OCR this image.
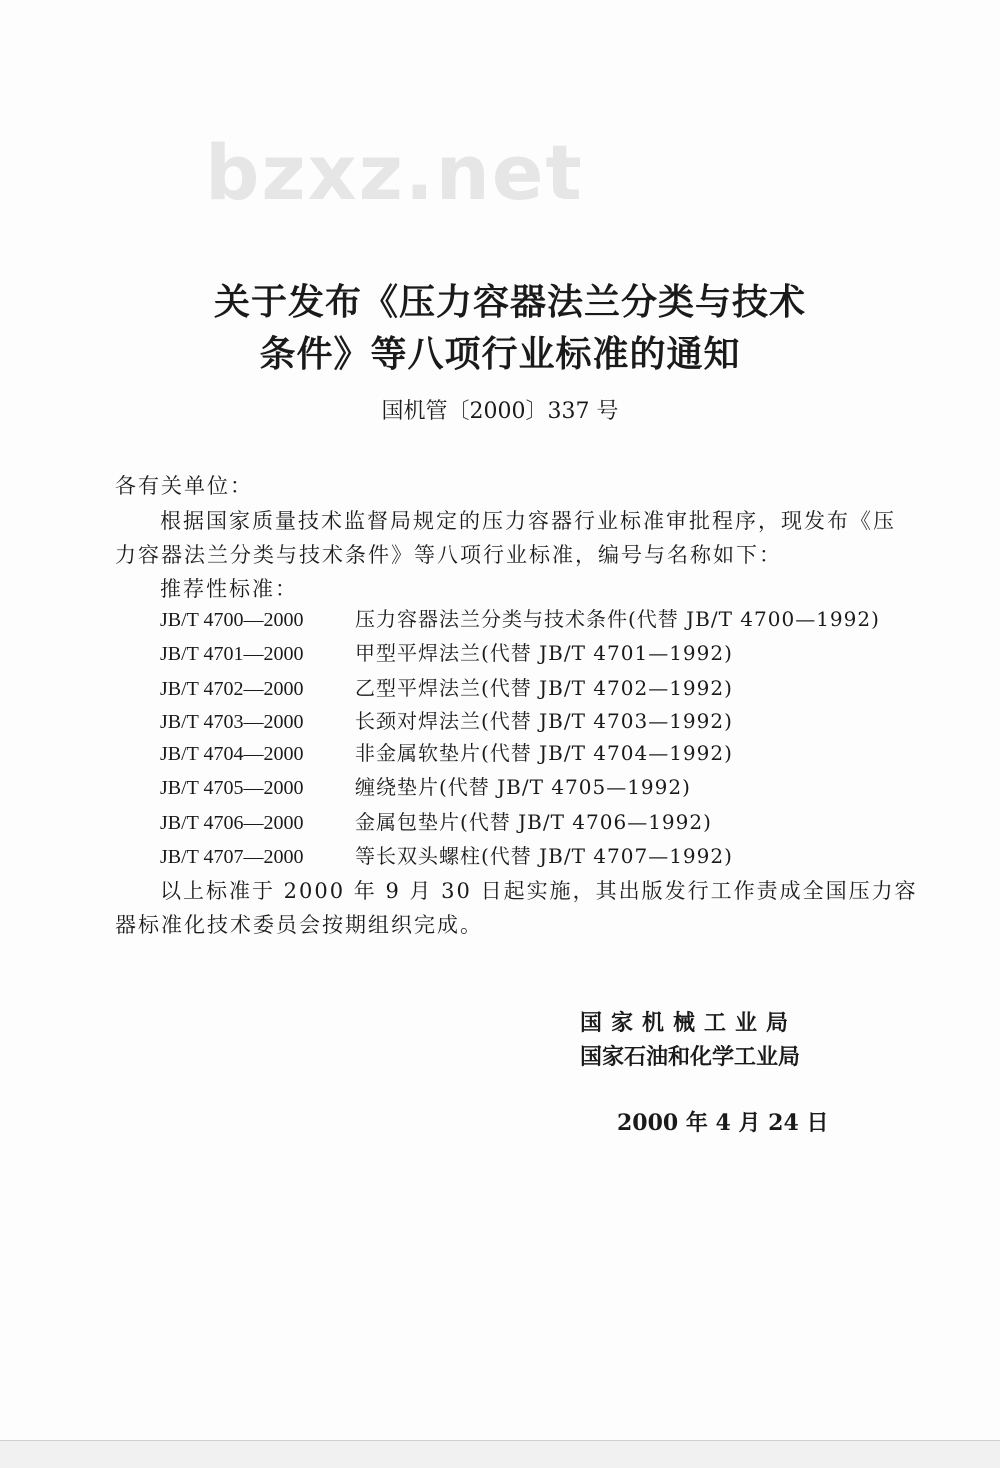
bzxz.net
关于发布《压力容器法兰分类与技术
条件》等八项行业标准的通知
国机管〔2000〕337 号
各有关单位：
根据国家质量技术监督局规定的压力容器行业标准审批程序，现发布《压
力容器法兰分类与技术条件》等八项行业标准，编号与名称如下：
推荐性标准：
JB/T 4700—2000	压力容器法兰分类与技术条件(代替 JB/T 4700—1992)
JB/T 4701—2000	甲型平焊法兰(代替 JB/T 4701—1992)
JB/T 4702—2000	乙型平焊法兰(代替 JB/T 4702—1992)
JB/T 4703—2000	长颈对焊法兰(代替 JB/T 4703—1992)
JB/T 4704—2000	非金属软垫片(代替 JB/T 4704—1992)
JB/T 4705—2000	缠绕垫片(代替 JB/T 4705—1992)
JB/T 4706—2000	金属包垫片(代替 JB/T 4706—1992)
JB/T 4707—2000	等长双头螺柱(代替 JB/T 4707—1992)
以上标准于 2000 年 9 月 30 日起实施，其出版发行工作责成全国压力容
器标准化技术委员会按期组织完成。
国家机械工业局
国家石油和化学工业局
2000 年 4 月 24 日
